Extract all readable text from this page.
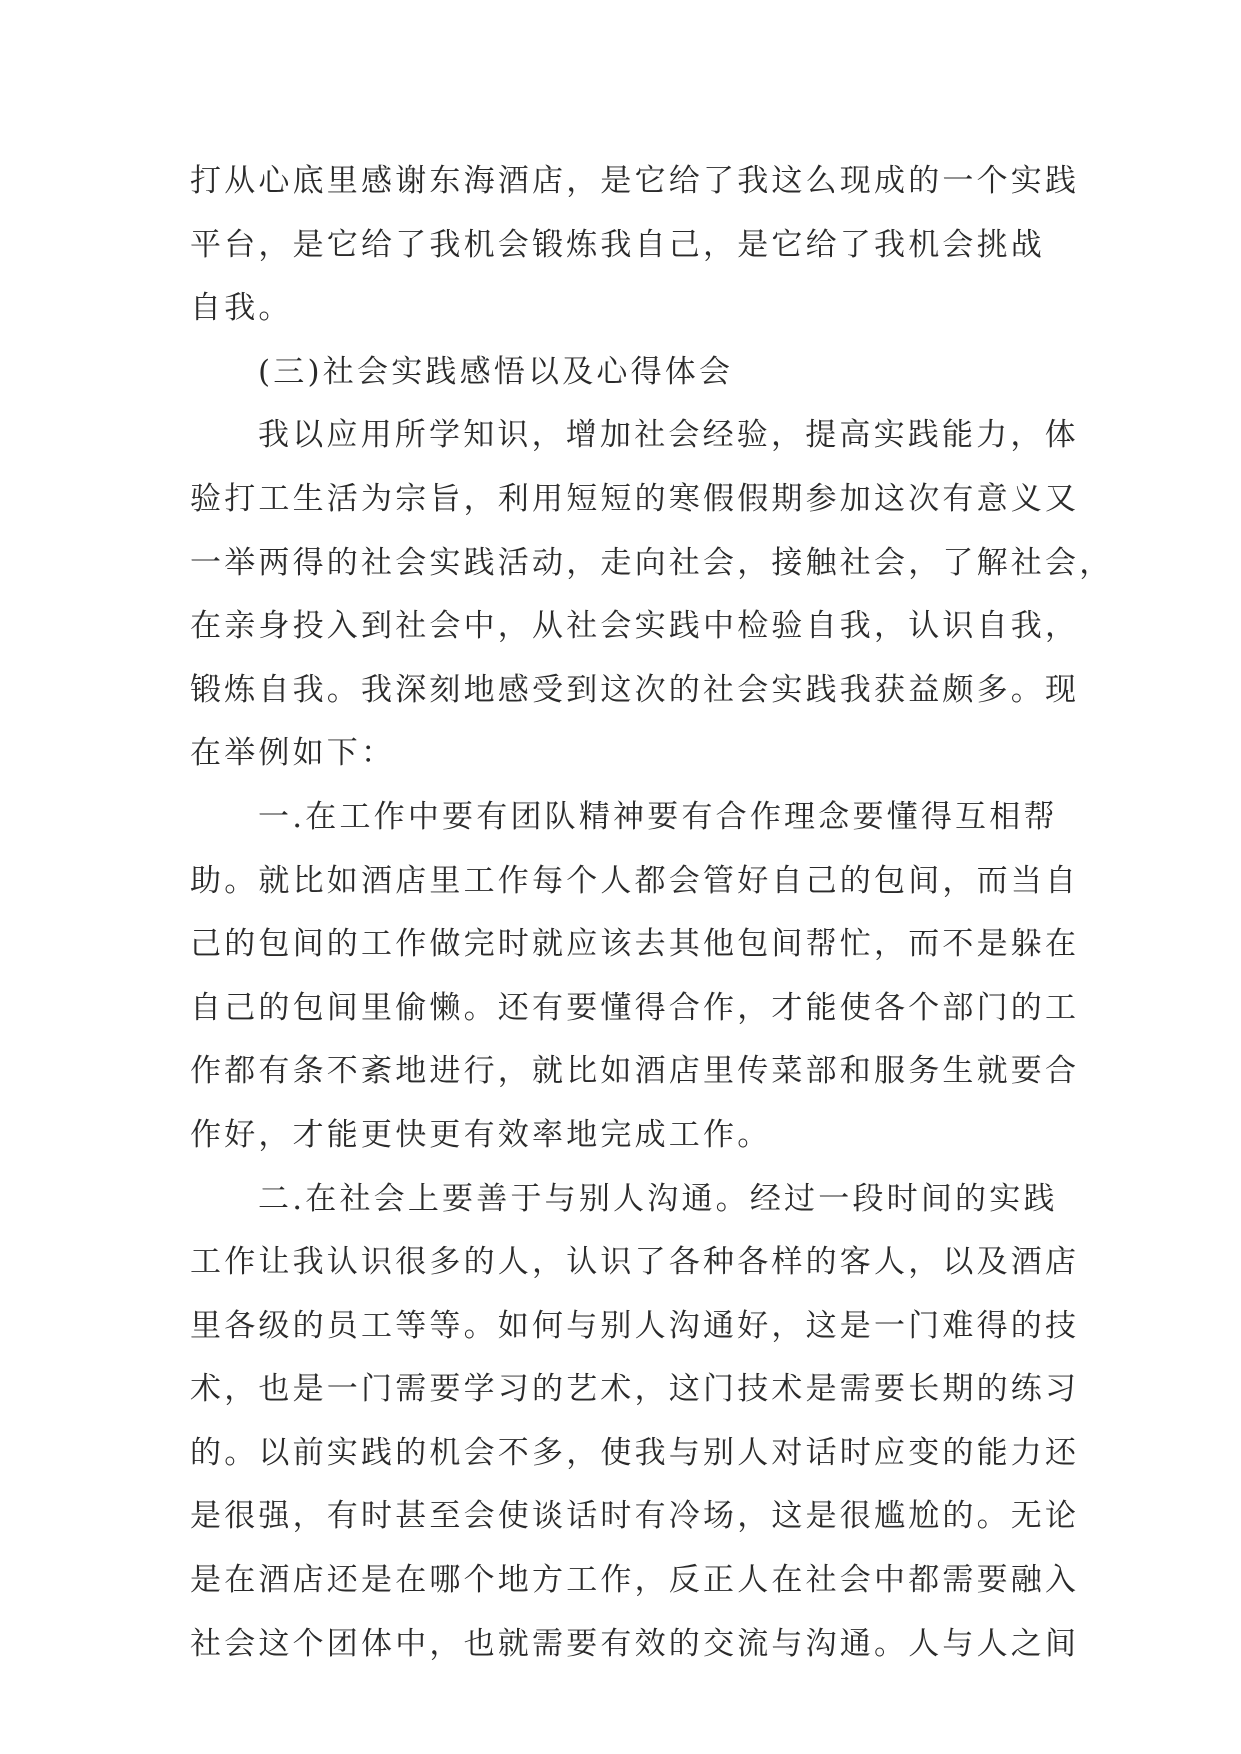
打从心底里感谢东海酒店，是它给了我这么现成的一个实践
平台，是它给了我机会锻炼我自己，是它给了我机会挑战
自我。
(三)社会实践感悟以及心得体会
我以应用所学知识，增加社会经验，提高实践能力，体
验打工生活为宗旨，利用短短的寒假假期参加这次有意义又
一举两得的社会实践活动，走向社会，接触社会，了解社会，
在亲身投入到社会中，从社会实践中检验自我，认识自我，
锻炼自我。我深刻地感受到这次的社会实践我获益颇多。现
在举例如下：
一.在工作中要有团队精神要有合作理念要懂得互相帮
助。就比如酒店里工作每个人都会管好自己的包间，而当自
己的包间的工作做完时就应该去其他包间帮忙，而不是躲在
自己的包间里偷懒。还有要懂得合作，才能使各个部门的工
作都有条不紊地进行，就比如酒店里传菜部和服务生就要合
作好，才能更快更有效率地完成工作。
二.在社会上要善于与别人沟通。经过一段时间的实践
工作让我认识很多的人，认识了各种各样的客人，以及酒店
里各级的员工等等。如何与别人沟通好，这是一门难得的技
术，也是一门需要学习的艺术，这门技术是需要长期的练习
的。以前实践的机会不多，使我与别人对话时应变的能力还
是很强，有时甚至会使谈话时有冷场，这是很尴尬的。无论
是在酒店还是在哪个地方工作，反正人在社会中都需要融入
社会这个团体中，也就需要有效的交流与沟通。人与人之间
